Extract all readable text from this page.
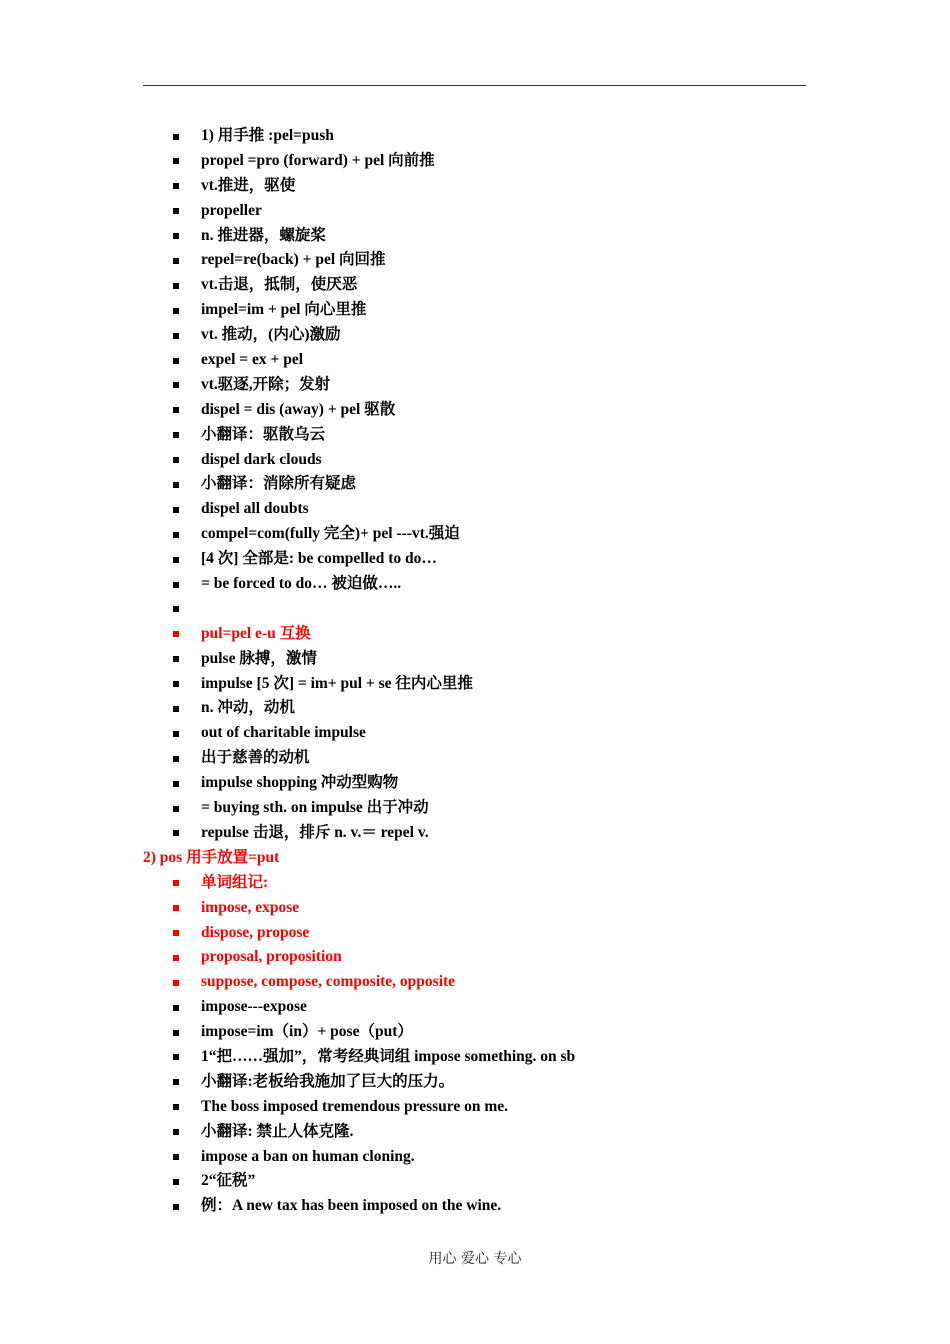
1) 用手推 :pel=push
propel =pro (forward) + pel 向前推
vt.推进，驱使
propeller
n. 推进器，螺旋桨
repel=re(back) + pel 向回推
vt.击退，抵制，使厌恶
impel=im + pel 向心里推
vt. 推动，(内心)激励
expel = ex + pel
vt.驱逐,开除；发射
dispel = dis (away) + pel 驱散
小翻译：驱散乌云
dispel dark clouds
小翻译：消除所有疑虑
dispel all doubts
compel=com(fully 完全)+ pel ---vt.强迫
[4 次] 全部是: be compelled to do…
= be forced to do… 被迫做…..
pul=pel e-u 互换
pulse 脉搏，激情
impulse [5 次] = im+ pul + se 往内心里推
n. 冲动，动机
out of charitable impulse
出于慈善的动机
impulse shopping 冲动型购物
= buying sth. on impulse 出于冲动
repulse 击退，排斥 n. v.＝ repel v.
2) pos 用手放置=put
单词组记:
impose, expose
dispose, propose
proposal, proposition
suppose, compose, composite, opposite
impose---expose
impose=im（in）+ pose（put）
1“把……强加”，常考经典词组 impose something. on sb
小翻译:老板给我施加了巨大的压力。
The boss imposed tremendous pressure on me.
小翻译: 禁止人体克隆.
impose a ban on human cloning.
2“征税”
例：A new tax has been imposed on the wine.
用心 爱心 专心
